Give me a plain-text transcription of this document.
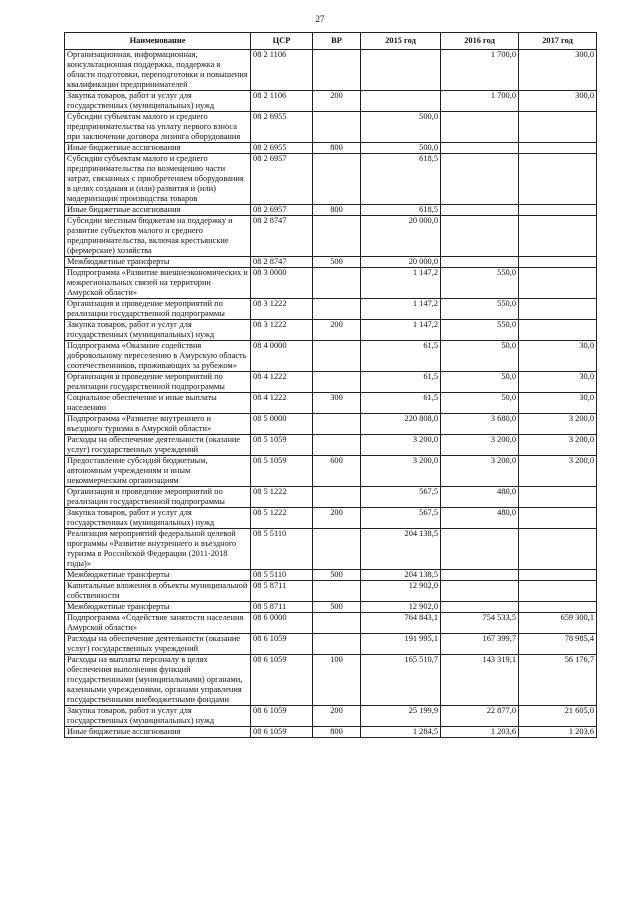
27
Наименование	ЦСР	ВР	2015 год	2016 год	2017 год
Организационная, информационная, консультационная поддержка, поддержка в области подготовки, переподготовки и повышения квалификации предпринимателей	08 2 1106			1 700,0	300,0
Закупка товаров, работ и услуг для государственных (муниципальных) нужд	08 2 1106	200		1 700,0	300,0
Субсидии субъектам малого и среднего предпринимательства на уплату первого взноса при заключении договора лизинга оборудования	08 2 6955		500,0		
Иные бюджетные ассигнования	08 2 6955	800	500,0		
Субсидии субъектам малого и среднего предпринимательства по возмещению части затрат, связанных с приобретением оборудования в целях создания и (или) развития и (или) модернизации производства товаров	08 2 6957		618,5		
Иные бюджетные ассигнования	08 2 6957	800	618,5		
Субсидии местным бюджетам на поддержку и развитие субъектов малого и среднего предпринимательства, включая крестьянские (фермерские) хозяйства	08 2 8747		20 000,0		
Межбюджетные трансферты	08 2 8747	500	20 000,0		
Подпрограмма «Развитие внешнеэкономических и межрегиональных связей на территории Амурской области»	08 3 0000		1 147,2	550,0	
Организация и проведение мероприятий по реализации государственной подпрограммы	08 3 1222		1 147,2	550,0	
Закупка товаров, работ и услуг для государственных (муниципальных) нужд	08 3 1222	200	1 147,2	550,0	
Подпрограмма «Оказание содействия добровольному переселению в Амурскую область соотечественников, проживающих за рубежом»	08 4 0000		61,5	50,0	30,0
Организация и проведение мероприятий по реализации государственной подпрограммы	08 4 1222		61,5	50,0	30,0
Социальное обеспечение и иные выплаты населению	08 4 1222	300	61,5	50,0	30,0
Подпрограмма «Развитие внутреннего и въездного туризма в Амурской области»	08 5 0000		220 808,0	3 680,0	3 200,0
Расходы на обеспечение деятельности (оказание услуг) государственных учреждений	08 5 1059		3 200,0	3 200,0	3 200,0
Предоставление субсидий бюджетным, автономным учреждениям и иным некоммерческим организациям	08 5 1059	600	3 200,0	3 200,0	3 200,0
Организация и проведение мероприятий по реализации государственной подпрограммы	08 5 1222		567,5	480,0	
Закупка товаров, работ и услуг для государственных (муниципальных) нужд	08 5 1222	200	567,5	480,0	
Реализация мероприятий федеральной целевой программы «Развитие внутреннего и въездного туризма в Российской Федерации (2011-2018 годы)»	08 5 5110		204 138,5		
Межбюджетные трансферты	08 5 5110	500	204 138,5		
Капитальные вложения в объекты муниципальной собственности	08 5 8711		12 902,0		
Межбюджетные трансферты	08 5 8711	500	12 902,0		
Подпрограмма «Содействие занятости населения Амурской области»	08 6 0000		764 843,1	754 533,5	659 300,1
Расходы на обеспечение деятельности (оказание услуг) государственных учреждений	08 6 1059		191 995,1	167 399,7	78 985,4
Расходы на выплаты персоналу в целях обеспечения выполнения функций государственными (муниципальными) органами, казенными учреждениями, органами управления государственными внебюджетными фондами	08 6 1059	100	165 510,7	143 319,1	56 176,7
Закупка товаров, работ и услуг для государственных (муниципальных) нужд	08 6 1059	200	25 199,9	22 877,0	21 605,0
Иные бюджетные ассигнования	08 6 1059	800	1 284,5	1 203,6	1 203,6
